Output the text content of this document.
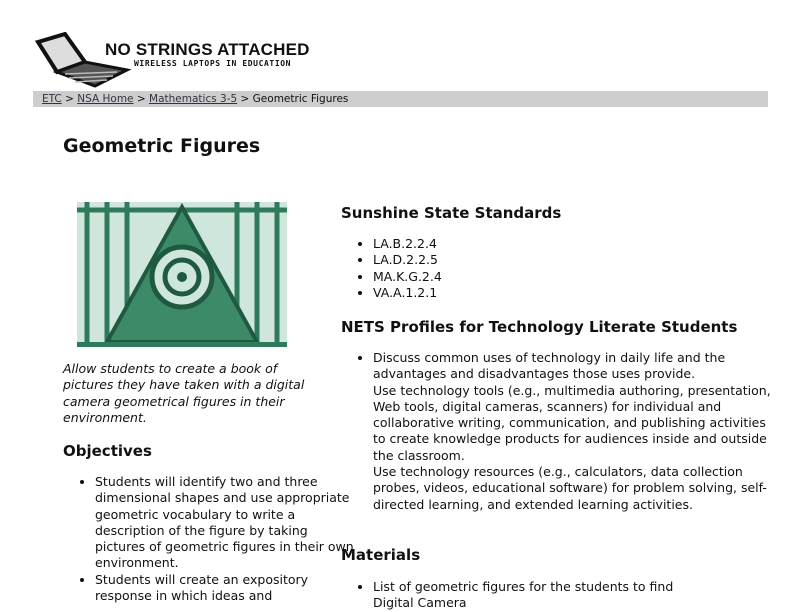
NO STRINGS ATTACHED
WIRELESS LAPTOPS IN EDUCATION
ETC > NSA Home > Mathematics 3-5 > Geometric Figures
Geometric Figures
Allow students to create a book of pictures they have taken with a digital camera geometrical figures in their environment.
Objectives
• Students will identify two and three dimensional shapes and use appropriate geometric vocabulary to write a description of the figure by taking pictures of geometric figures in their own environment.
• Students will create an expository response in which ideas and
Sunshine State Standards
• LA.B.2.2.4
• LA.D.2.2.5
• MA.K.G.2.4
• VA.A.1.2.1
NETS Profiles for Technology Literate Students
• Discuss common uses of technology in daily life and the advantages and disadvantages those uses provide.
Use technology tools (e.g., multimedia authoring, presentation, Web tools, digital cameras, scanners) for individual and collaborative writing, communication, and publishing activities to create knowledge products for audiences inside and outside the classroom.
Use technology resources (e.g., calculators, data collection probes, videos, educational software) for problem solving, self-directed learning, and extended learning activities.
Materials
• List of geometric figures for the students to find
Digital Camera
